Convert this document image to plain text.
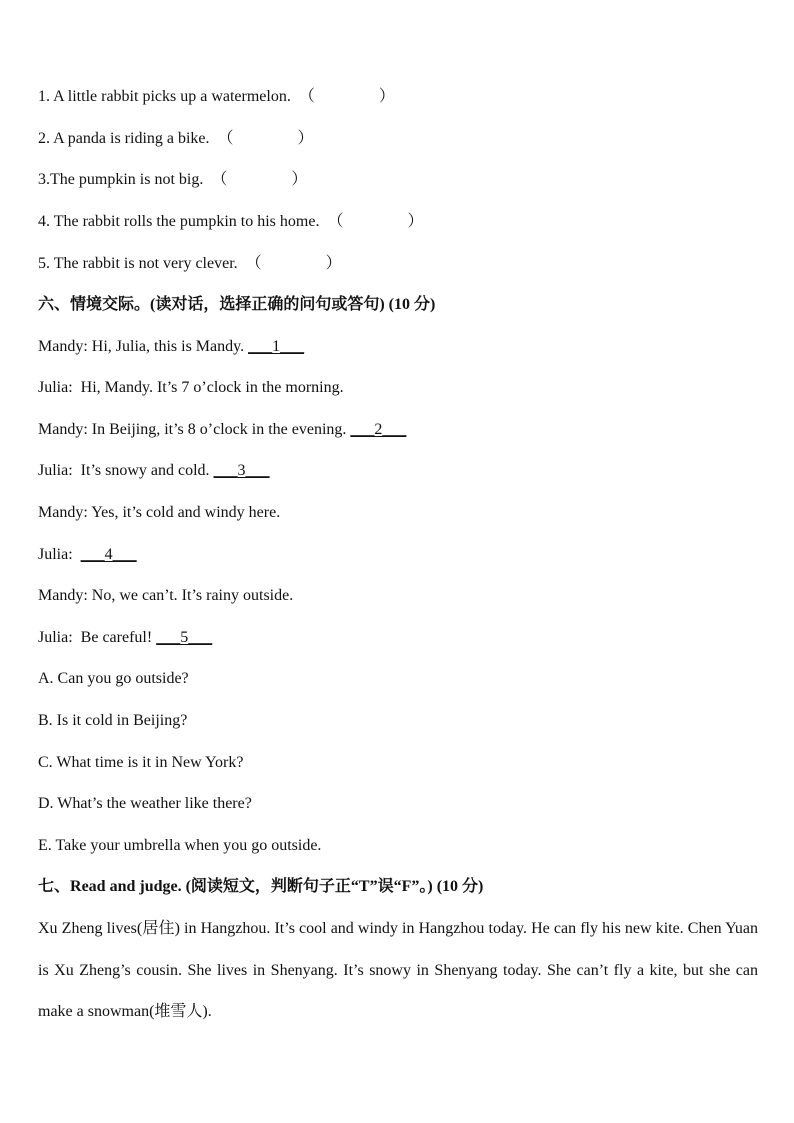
1. A little rabbit picks up a watermelon. （　　　　）
2. A panda is riding a bike. （　　　　）
3.The pumpkin is not big. （　　　　）
4. The rabbit rolls the pumpkin to his home. （　　　　）
5. The rabbit is not very clever. （　　　　）
六、情境交际。(读对话，选择正确的问句或答句) (10 分)
Mandy: Hi, Julia, this is Mandy. ___1___
Julia: Hi, Mandy. It’s 7 o’clock in the morning.
Mandy: In Beijing, it’s 8 o’clock in the evening. ___2___
Julia: It’s snowy and cold. ___3___
Mandy: Yes, it’s cold and windy here.
Julia: ___4___
Mandy: No, we can’t. It’s rainy outside.
Julia: Be careful! ___5___
A. Can you go outside?
B. Is it cold in Beijing?
C. What time is it in New York?
D. What’s the weather like there?
E. Take your umbrella when you go outside.
七、Read and judge. (阅读短文，判断句子正“T”误“F”。) (10 分)
Xu Zheng lives(居住) in Hangzhou. It’s cool and windy in Hangzhou today. He can fly his new kite. Chen Yuan is Xu Zheng’s cousin. She lives in Shenyang. It’s snowy in Shenyang today. She can’t fly a kite, but she can make a snowman(堆雪人).
